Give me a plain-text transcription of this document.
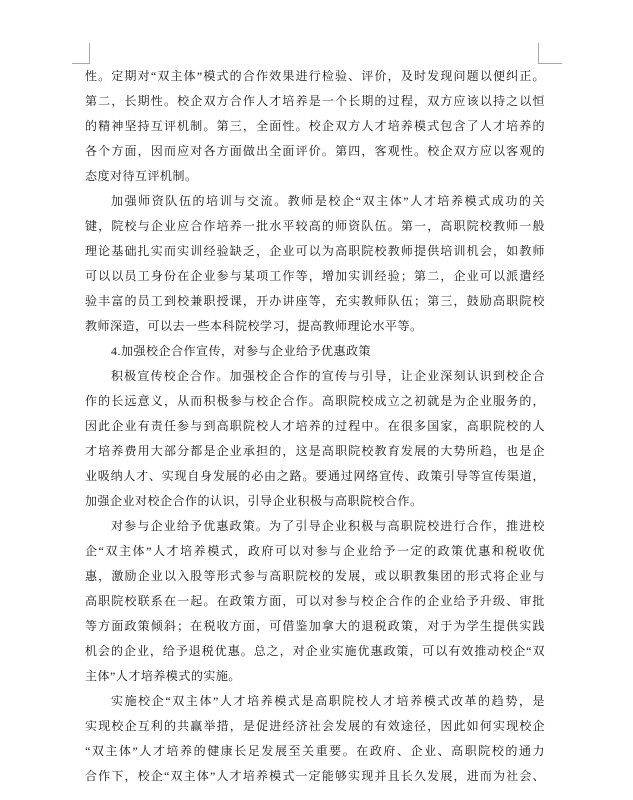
性。定期对“双主体”模式的合作效果进行检验、评价，及时发现问题以便纠正。
第二，长期性。校企双方合作人才培养是一个长期的过程，双方应该以持之以恒
的精神坚持互评机制。第三，全面性。校企双方人才培养模式包含了人才培养的
各个方面，因而应对各方面做出全面评价。第四，客观性。校企双方应以客观的
态度对待互评机制。
加强师资队伍的培训与交流。教师是校企“双主体”人才培养模式成功的关
键，院校与企业应合作培养一批水平较高的师资队伍。第一，高职院校教师一般
理论基础扎实而实训经验缺乏，企业可以为高职院校教师提供培训机会，如教师
可以以员工身份在企业参与某项工作等，增加实训经验；第二，企业可以派遣经
验丰富的员工到校兼职授课，开办讲座等，充实教师队伍；第三，鼓励高职院校
教师深造，可以去一些本科院校学习，提高教师理论水平等。
4.加强校企合作宣传，对参与企业给予优惠政策
积极宣传校企合作。加强校企合作的宣传与引导，让企业深刻认识到校企合
作的长远意义，从而积极参与校企合作。高职院校成立之初就是为企业服务的，
因此企业有责任参与到高职院校人才培养的过程中。在很多国家，高职院校的人
才培养费用大部分都是企业承担的，这是高职院校教育发展的大势所趋，也是企
业吸纳人才、实现自身发展的必由之路。要通过网络宣传、政策引导等宣传渠道，
加强企业对校企合作的认识，引导企业积极与高职院校合作。
对参与企业给予优惠政策。为了引导企业积极与高职院校进行合作，推进校
企“双主体”人才培养模式，政府可以对参与企业给予一定的政策优惠和税收优
惠，激励企业以入股等形式参与高职院校的发展，或以职教集团的形式将企业与
高职院校联系在一起。在政策方面，可以对参与校企合作的企业给予升级、审批
等方面政策倾斜；在税收方面，可借鉴加拿大的退税政策，对于为学生提供实践
机会的企业，给予退税优惠。总之，对企业实施优惠政策，可以有效推动校企“双
主体”人才培养模式的实施。
实施校企“双主体”人才培养模式是高职院校人才培养模式改革的趋势，是
实现校企互利的共赢举措，是促进经济社会发展的有效途径，因此如何实现校企
“双主体”人才培养的健康长足发展至关重要。在政府、企业、高职院校的通力
合作下，校企“双主体”人才培养模式一定能够实现并且长久发展，进而为社会、
